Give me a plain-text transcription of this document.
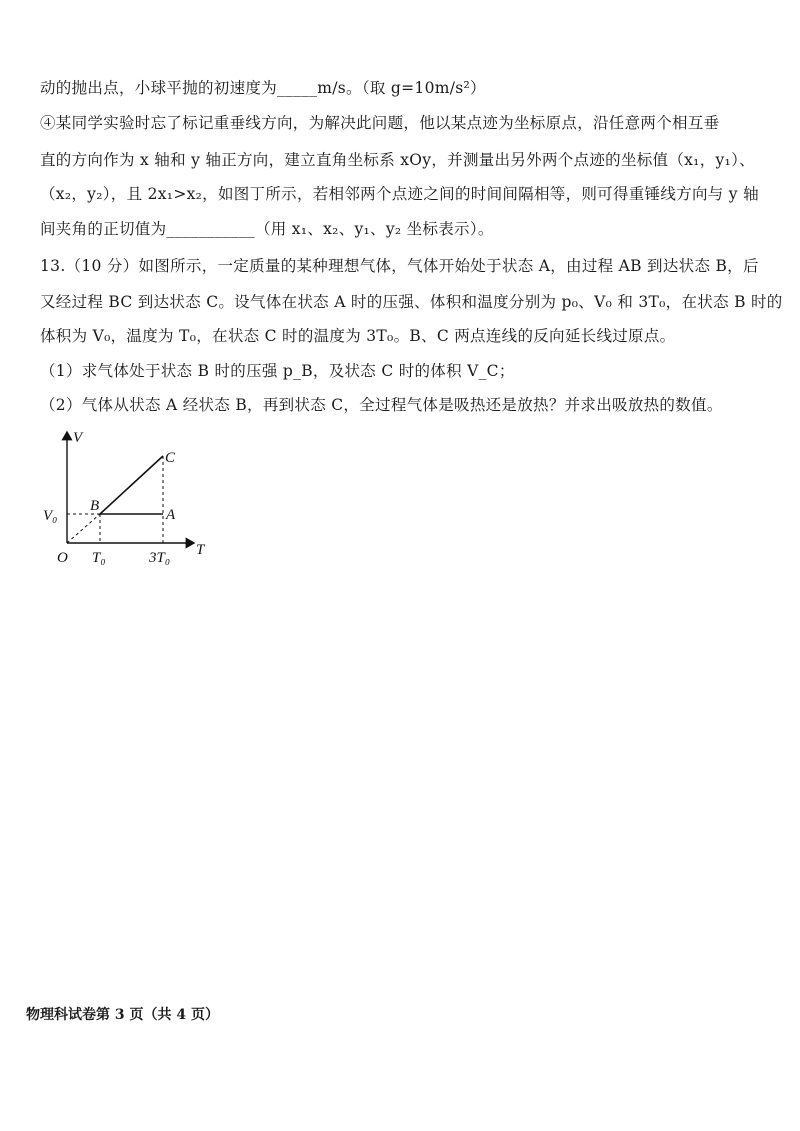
动的抛出点，小球平抛的初速度为_____m/s。（取 g=10m/s²）
④某同学实验时忘了标记重垂线方向，为解决此问题，他以某点迹为坐标原点，沿任意两个相互垂
直的方向作为 x 轴和 y 轴正方向，建立直角坐标系 xOy，并测量出另外两个点迹的坐标值（x₁，y₁）、
（x₂，y₂），且 2x₁>x₂，如图丁所示，若相邻两个点迹之间的时间间隔相等，则可得重锤线方向与 y 轴
间夹角的正切值为___________（用 x₁、x₂、y₁、y₂ 坐标表示）。
13.（10 分）如图所示，一定质量的某种理想气体，气体开始处于状态 A，由过程 AB 到达状态 B，后
又经过程 BC 到达状态 C。设气体在状态 A 时的压强、体积和温度分别为 p₀、V₀ 和 3T₀，在状态 B 时的
体积为 V₀，温度为 T₀，在状态 C 时的温度为 3T₀。B、C 两点连线的反向延长线过原点。
（1）求气体处于状态 B 时的压强 p_B，及状态 C 时的体积 V_C；
（2）气体从状态 A 经状态 B，再到状态 C，全过程气体是吸热还是放热？并求出吸放热的数值。
V
T
O
V₀
T₀	3T₀
B
A
C
物理科试卷第 3 页（共 4 页）
